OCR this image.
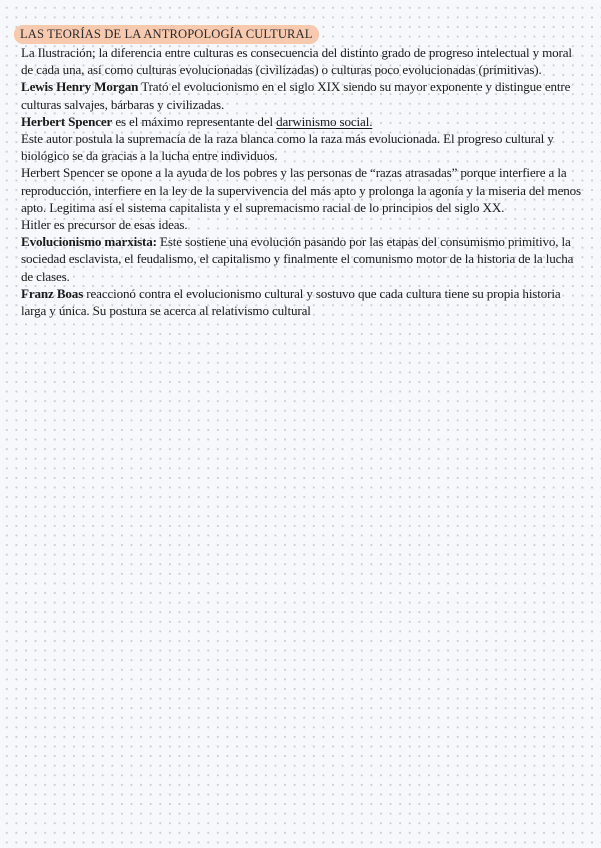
LAS TEORÍAS DE LA ANTROPOLOGÍA CULTURAL

La Ilustración; la diferencia entre culturas es consecuencia del distinto grado de progreso intelectual y moral de cada una, así como culturas evolucionadas (civilizadas) o culturas poco evolucionadas (primitivas).

Lewis Henry Morgan Trató el evolucionismo en el siglo XIX siendo su mayor exponente y distingue entre culturas salvajes, bárbaras y civilizadas.

Herbert Spencer es el máximo representante del darwinismo social.

Este autor postula la supremacía de la raza blanca como la raza más evolucionada. El progreso cultural y biológico se da gracias a la lucha entre individuos.

Herbert Spencer se opone a la ayuda de los pobres y las personas de “razas atrasadas” porque interfiere a la reproducción, interfiere en la ley de la supervivencia del más apto y prolonga la agonía y la miseria del menos apto. Legitima así el sistema capitalista y el supremacismo racial de lo principios del siglo XX.

Hitler es precursor de esas ideas.

Evolucionismo marxista: Este sostiene una evolución pasando por las etapas del consumismo primitivo, la sociedad esclavista, el feudalismo, el capitalismo y finalmente el comunismo motor de la historia de la lucha de clases.

Franz Boas reaccionó contra el evolucionismo cultural y sostuvo que cada cultura tiene su propia historia larga y única. Su postura se acerca al relativismo cultural
